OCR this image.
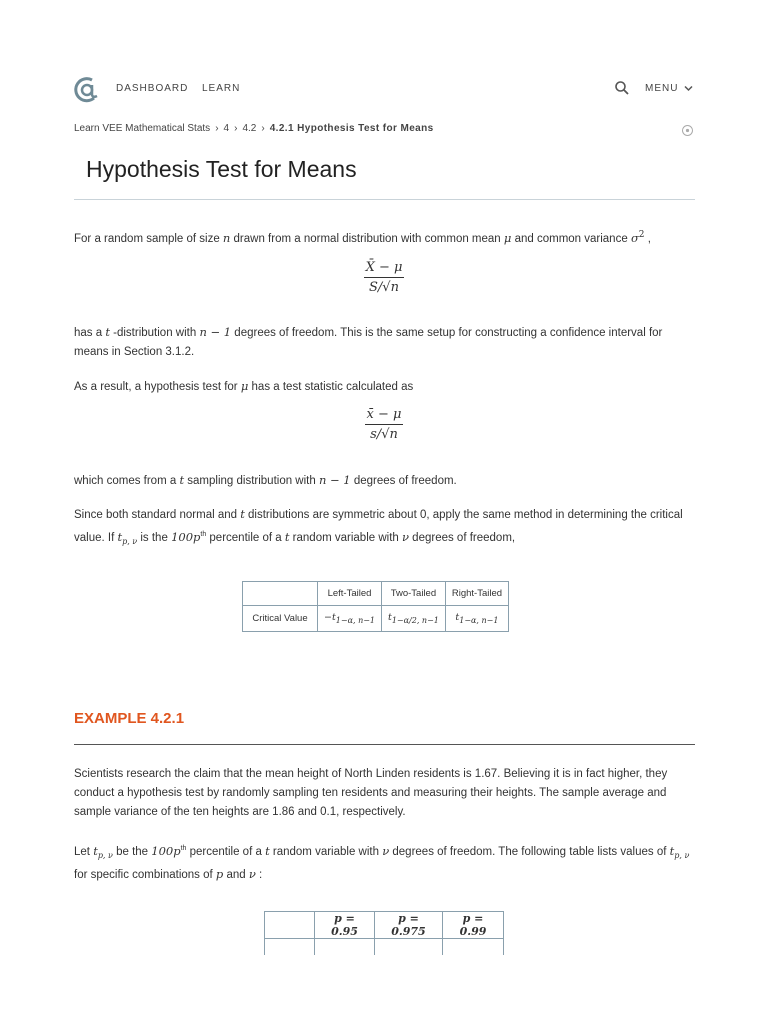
DASHBOARD LEARN	MENU
Learn VEE Mathematical Stats › 4 › 4.2 › 4.2.1 Hypothesis Test for Means
Hypothesis Test for Means

For a random sample of size n drawn from a normal distribution with common mean μ and common variance $\sigma^2$ ,

$\frac{X̄ - \mu}{S/√n}$

has a t -distribution with n − 1 degrees of freedom. This is the same setup for constructing a confidence interval for means in Section 3.1.2.

As a result, a hypothesis test for μ has a test statistic calculated as

$\frac{x̄ - \mu}{s/√n}$

which comes from a t sampling distribution with n − 1 degrees of freedom.

Since both standard normal and t distributions are symmetric about 0, apply the same method in determining the critical value. If $t_{p, \nu}$ is the $100p^{th}$ percentile of a t random variable with ν degrees of freedom,

	Left-Tailed	Two-Tailed	Right-Tailed
Critical Value	$-t_{1-\alpha, n-1}$	$t_{1-\alpha/2, n-1}$	$t_{1-\alpha, n-1}$
EXAMPLE 4.2.1

Scientists research the claim that the mean height of North Linden residents is 1.67. Believing it is in fact higher, they conduct a hypothesis test by randomly sampling ten residents and measuring their heights. The sample average and sample variance of the ten heights are 1.86 and 0.1, respectively.

Let $t_{p, \nu}$ be the $100p^{th}$ percentile of a t random variable with ν degrees of freedom. The following table lists values of $t_{p, \nu}$ for specific combinations of p and ν :

	p = 0.95	p = 0.975	p = 0.99
